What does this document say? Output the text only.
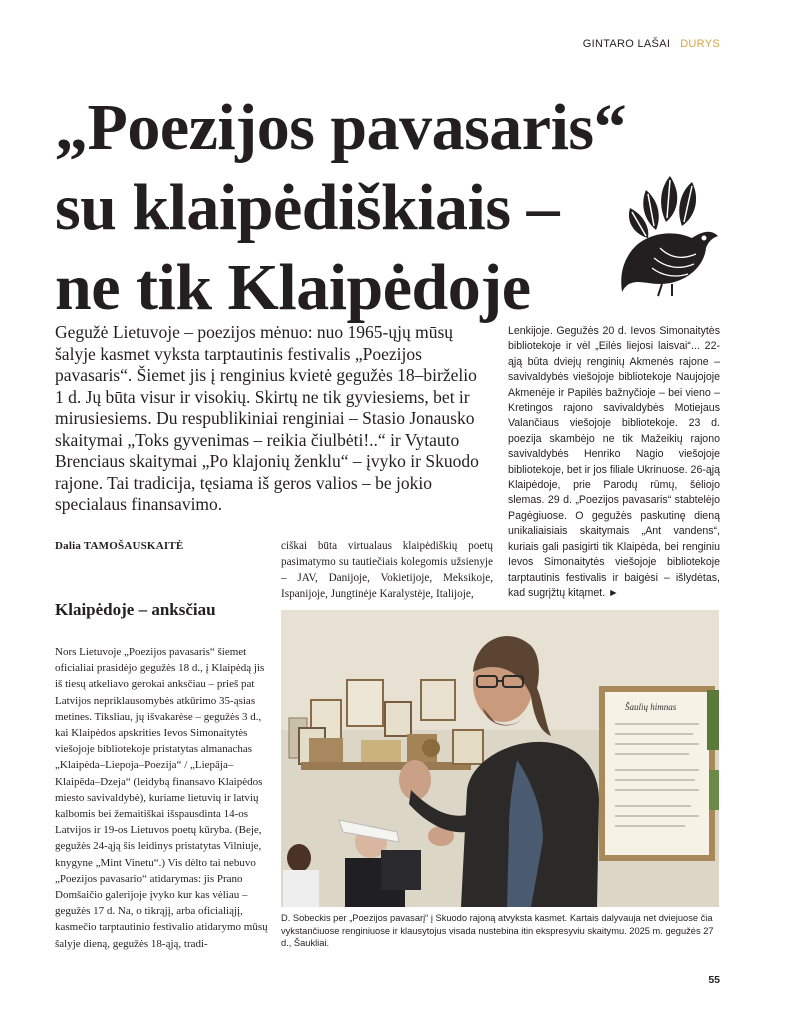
GINTARO LAŠAI DURYS
„Poezijos pavasaris“
su klaipėdiškiais –
ne tik Klaipėdoje

Gegužė Lietuvoje – poezijos mėnuo: nuo 1965-ųjų mūsų šalyje kasmet vyksta tarptautinis festivalis „Poezijos pavasaris“. Šiemet jis į renginius kvietė gegužės 18–birželio 1 d. Jų būta visur ir visokių. Skirtų ne tik gyviesiems, bet ir mirusiesiems. Du respublikiniai renginiai – Stasio Jonausko skaitymai „Toks gyvenimas – reikia čiulbėti!..“ ir Vytauto Brenciaus skaitymai „Po klajonių ženklu“ – įvyko ir Skuodo rajone. Tai tradicija, tęsiama iš geros valios – be jokio specialaus finansavimo.

Lenkijoje. Gegužės 20 d. Ievos Simonaitytės bibliotekoje ir vėl „Eilės liejosi laisvai“... 22-ąją būta dviejų renginių Akmenės rajone – savivaldybės viešojoje bibliotekoje Naujojoje Akmenėje ir Papilės bažnyčioje – bei vieno – Kretingos rajono savivaldybės Motiejaus Valančiaus viešojoje bibliotekoje. 23 d. poezija skambėjo ne tik Mažeikių rajono savivaldybės Henriko Nagio viešojoje bibliotekoje, bet ir jos filiale Ukrinuose. 26-ąją Klaipėdoje, prie Parodų rūmų, šėliojo slemas. 29 d. „Poezijos pavasaris“ stabtelėjo Pagėgiuose. O gegužės paskutinę dieną unikaliaisiais skaitymais „Ant vandens“, kuriais gali pasigirti tik Klaipėda, bei renginiu Ievos Simonaitytės viešojoje bibliotekoje tarptautinis festivalis ir baigėsi – išlydėtas, kad sugrįžtų kitąmet. ►

Dalia TAMOŠAUSKAITĖ	ciškai būta virtualaus klaipėdiškių poetų pasimatymo su tautiečiais kolegomis užsienyje – JAV, Danijoje, Vokietijoje, Meksikoje, Ispanijoje, Jungtinėje Karalystėje, Italijoje,

Klaipėdoje – anksčiau

Nors Lietuvoje „Poezijos pavasaris“ šiemet oficialiai prasidėjo gegužės 18 d., į Klaipėdą jis iš tiesų atkeliavo gerokai anksčiau – prieš pat Latvijos nepriklausomybės atkūrimo 35-ąsias metines. Tiksliau, jų išvakarėse – gegužės 3 d., kai Klaipėdos apskrities Ievos Simonaitytės viešojoje bibliotekoje pristatytas almanachas „Klaipėda–Liepoja–Poezija“ / „Liepāja–Klaipēda–Dzeja“ (leidybą finansavo Klaipėdos miesto savivaldybė), kuriame lietuvių ir latvių kalbomis bei žemaitiškai išspausdinta 14-os Latvijos ir 19-os Lietuvos poetų kūryba. (Beje, gegužės 24-ąją šis leidinys pristatytas Vilniuje, knygyne „Mint Vinetu“.) Vis dėlto tai nebuvo „Poezijos pavasario“ atidarymas: jis Prano Domšaičio galerijoje įvyko kur kas vėliau – gegužės 17 d. Na, o tikrąjį, arba oficialiąjį, kasmečio tarptautinio festivalio atidarymo mūsų šalyje dieną, gegužės 18-ąją, tradi-

Šaulių himnas

D. Sobeckis per „Poezijos pavasarį“ į Skuodo rajoną atvyksta kasmet. Kartais dalyvauja net dviejuose čia vykstančiuose renginiuose ir klausytojus visada nustebina itin ekspresyviu skaitymu. 2025 m. gegužės 27 d., Šaukliai.

55
